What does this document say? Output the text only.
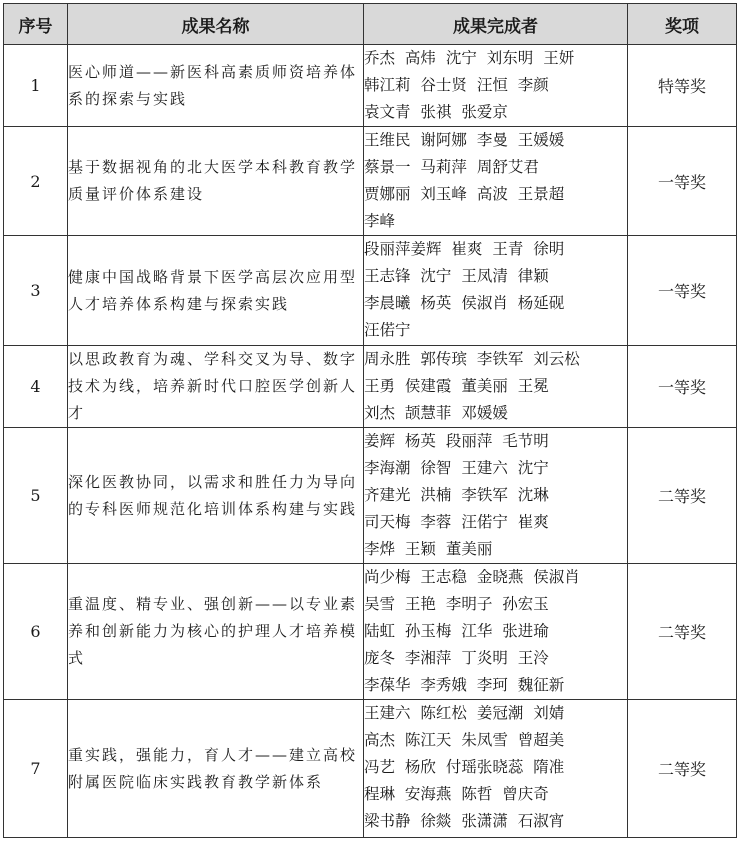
序号	成果名称	成果完成者	奖项
1	医心师道——新医科高素质师资培养体系的探索与实践	乔杰 高炜 沈宁 刘东明 王妍
韩江莉 谷士贤 汪恒 李颜
袁文青 张祺 张爱京	特等奖
2	基于数据视角的北大医学本科教育教学质量评价体系建设	王维民 谢阿娜 李曼 王媛媛
蔡景一 马莉萍 周舒艾君
贾娜丽 刘玉峰 高波 王景超
李峰	一等奖
3	健康中国战略背景下医学高层次应用型人才培养体系构建与探索实践	段丽萍姜辉 崔爽 王青 徐明
王志锋 沈宁 王凤清 律颖
李晨曦 杨英 侯淑肖 杨延砚
汪偌宁	一等奖
4	以思政教育为魂、学科交叉为导、数字技术为线，培养新时代口腔医学创新人才	周永胜 郭传瑸 李铁军 刘云松
王勇 侯建霞 董美丽 王冕
刘杰 颉慧菲 邓媛媛	一等奖
5	深化医教协同，以需求和胜任力为导向的专科医师规范化培训体系构建与实践	姜辉 杨英 段丽萍 毛节明
李海潮 徐智 王建六 沈宁
齐建光 洪楠 李铁军 沈琳
司天梅 李蓉 汪偌宁 崔爽
李烨 王颖 董美丽	二等奖
6	重温度、精专业、强创新——以专业素养和创新能力为核心的护理人才培养模式	尚少梅 王志稳 金晓燕 侯淑肖
吴雪 王艳 李明子 孙宏玉
陆虹 孙玉梅 江华 张进瑜
庞冬 李湘萍 丁炎明 王泠
李葆华 李秀娥 李珂 魏征新	二等奖
7	重实践，强能力，育人才——建立高校附属医院临床实践教育教学新体系	王建六 陈红松 姜冠潮 刘婧
高杰 陈江天 朱凤雪 曾超美
冯艺 杨欣 付瑶张晓蕊 隋准
程琳 安海燕 陈哲 曾庆奇
梁书静 徐燚 张潇潇 石淑宵	二等奖
